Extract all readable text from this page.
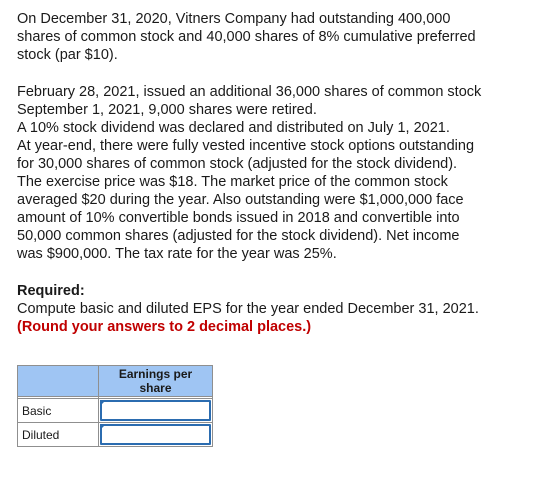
On December 31, 2020, Vitners Company had outstanding 400,000
shares of common stock and 40,000 shares of 8% cumulative preferred
stock (par $10).

February 28, 2021, issued an additional 36,000 shares of common stock
September 1, 2021, 9,000 shares were retired.
A 10% stock dividend was declared and distributed on July 1, 2021.
At year-end, there were fully vested incentive stock options outstanding
for 30,000 shares of common stock (adjusted for the stock dividend).
The exercise price was $18. The market price of the common stock
averaged $20 during the year. Also outstanding were $1,000,000 face
amount of 10% convertible bonds issued in 2018 and convertible into
50,000 common shares (adjusted for the stock dividend). Net income
was $900,000. The tax rate for the year was 25%.

Required:

Compute basic and diluted EPS for the year ended December 31, 2021.

(Round your answers to 2 decimal places.)

	Earnings per
share

Basic	

Diluted	
